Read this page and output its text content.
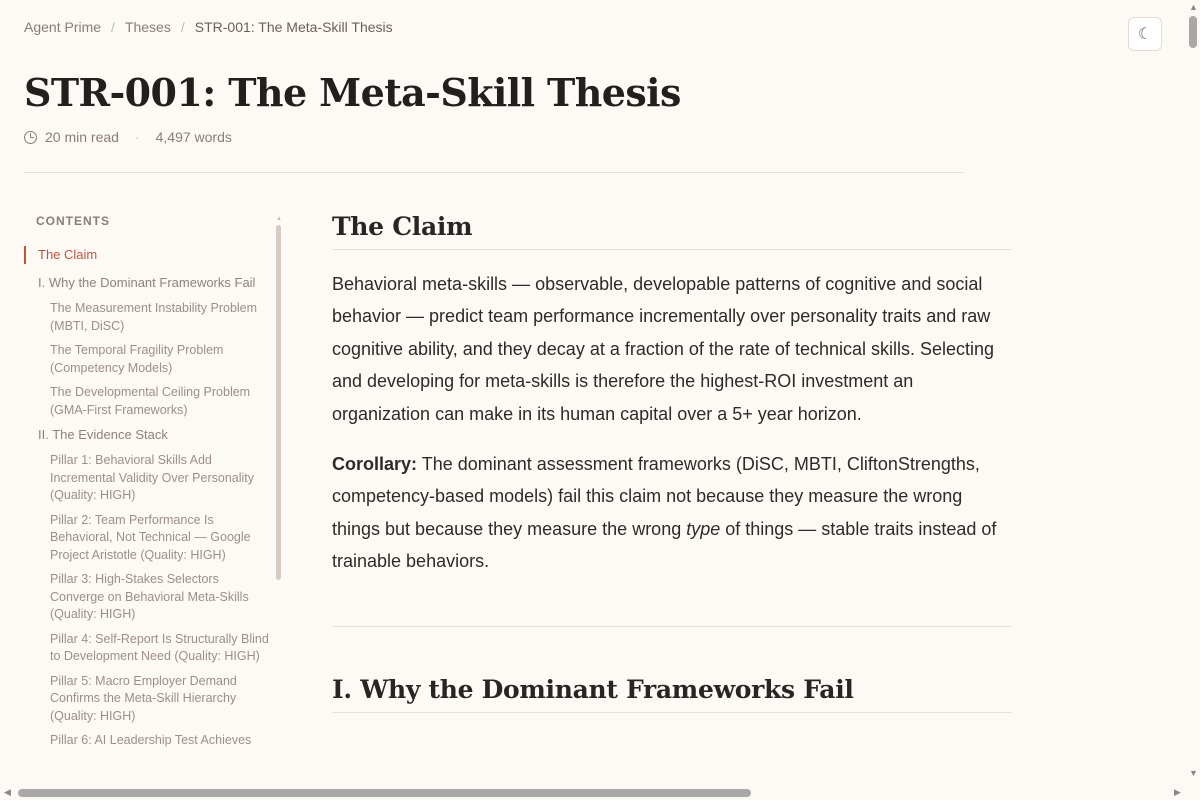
Agent Prime / Theses / STR-001: The Meta-Skill Thesis	☾
STR-001: The Meta-Skill Thesis
20 min read · 4,497 words
CONTENTS
The Claim
I. Why the Dominant Frameworks Fail
The Measurement Instability Problem (MBTI, DiSC)
The Temporal Fragility Problem (Competency Models)
The Developmental Ceiling Problem (GMA-First Frameworks)
II. The Evidence Stack
Pillar 1: Behavioral Skills Add Incremental Validity Over Personality (Quality: HIGH)
Pillar 2: Team Performance Is Behavioral, Not Technical — Google Project Aristotle (Quality: HIGH)
Pillar 3: High-Stakes Selectors Converge on Behavioral Meta-Skills (Quality: HIGH)
Pillar 4: Self-Report Is Structurally Blind to Development Need (Quality: HIGH)
Pillar 5: Macro Employer Demand Confirms the Meta-Skill Hierarchy (Quality: HIGH)
Pillar 6: AI Leadership Test Achieves
▲ The Claim

Behavioral meta-skills — observable, developable patterns of cognitive and social behavior — predict team performance incrementally over personality traits and raw cognitive ability, and they decay at a fraction of the rate of technical skills. Selecting and developing for meta-skills is therefore the highest-ROI investment an organization can make in its human capital over a 5+ year horizon.

Corollary: The dominant assessment frameworks (DiSC, MBTI, CliftonStrengths, competency-based models) fail this claim not because they measure the wrong things but because they measure the wrong type of things — stable traits instead of trainable behaviors.

I. Why the Dominant Frameworks Fail
▲
▼
◀	▶
